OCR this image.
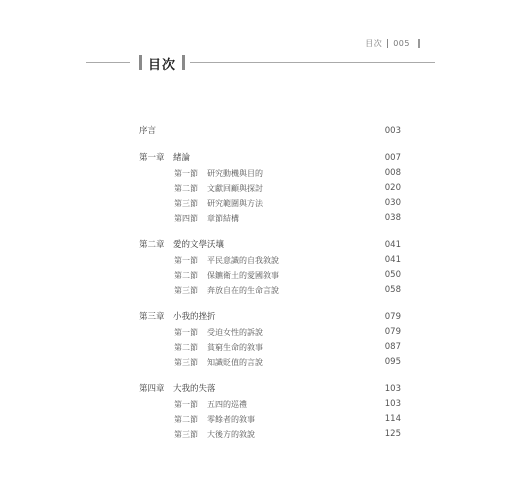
目次 005
目次
序言	003
第一章 緒論	007
第一節 研究動機與目的	008
第二節 文獻回顧與探討	020
第三節 研究範圍與方法	030
第四節 章節結構	038
第二章 愛的文學沃壤	041
第一節 平民意識的自我敘說	041
第二節 保鑣衛土的愛國敘事	050
第三節 奔放自在的生命言說	058
第三章 小我的挫折	079
第一節 受迫女性的訴說	079
第二節 貧窮生命的敘事	087
第三節 知識貶值的言說	095
第四章 大我的失落	103
第一節 五四的巡禮	103
第二節 零餘者的敘事	114
第三節 大後方的敘說	125
